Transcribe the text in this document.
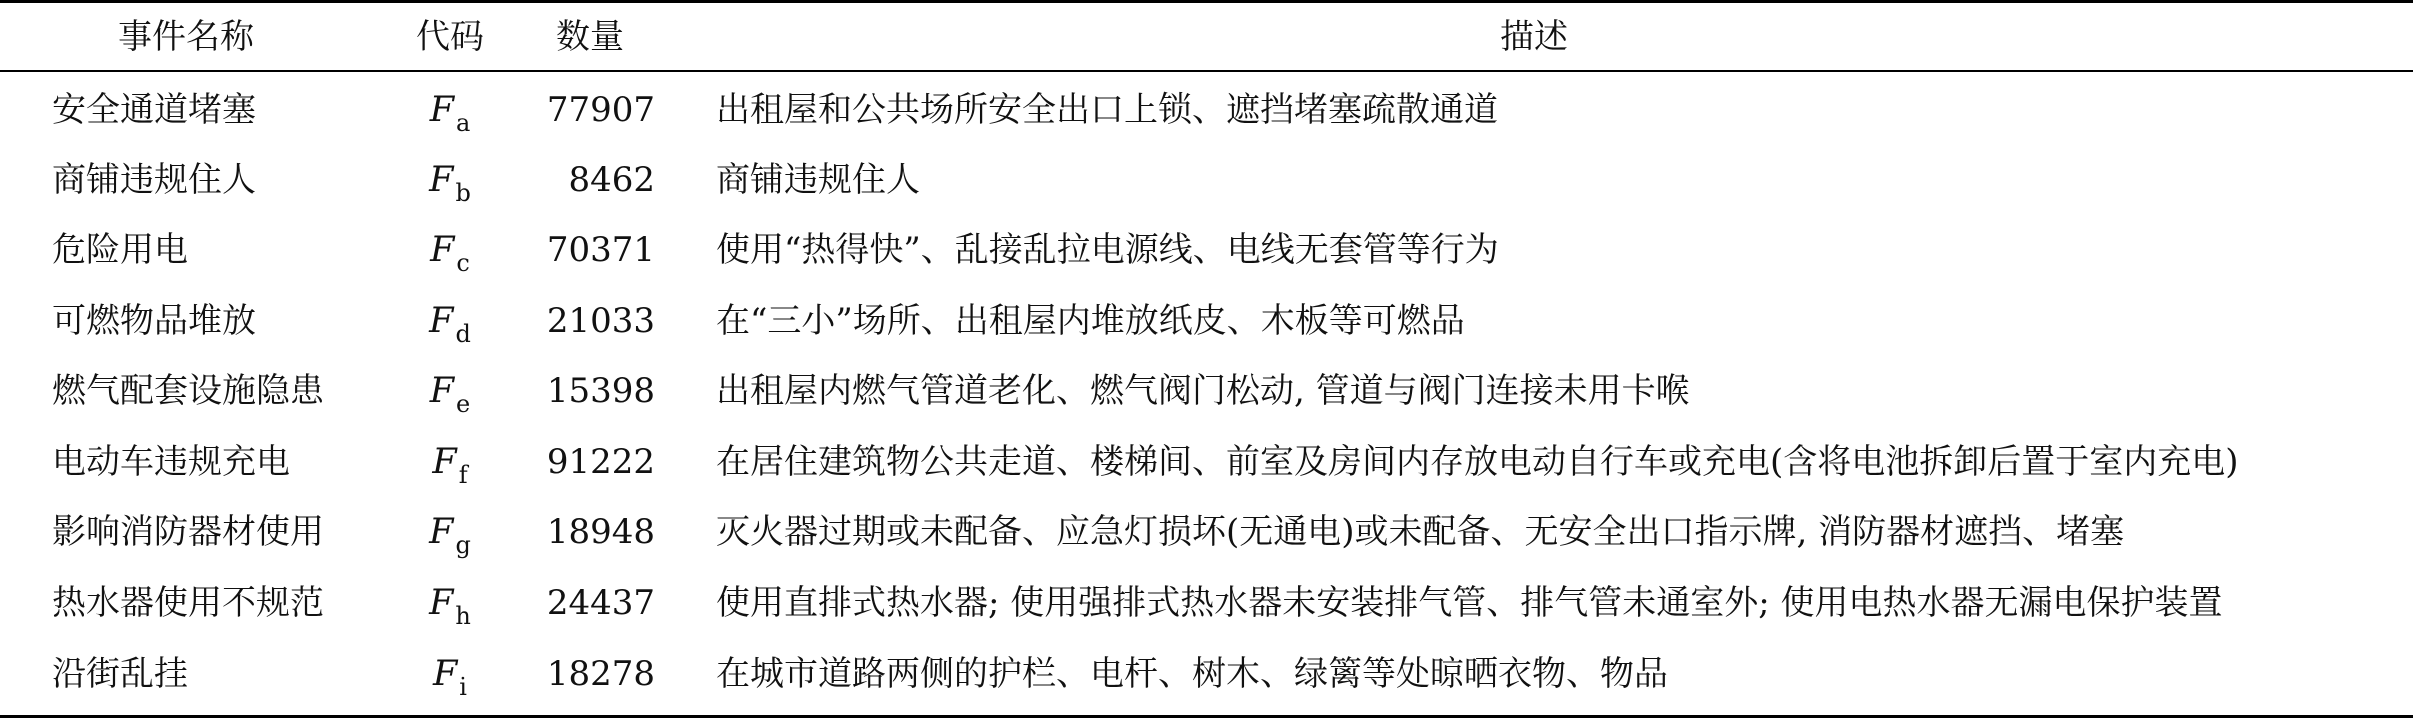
事件名称	代码	数量	描述
安全通道堵塞	$F_a$	77907 出租屋和公共场所安全出口上锁、遮挡堵塞疏散通道
商铺违规住人	$F_b$	8462 商铺违规住人
危险用电	$F_c$	70371 使用“热得快”、乱接乱拉电源线、电线无套管等行为
可燃物品堆放	$F_d$	21033 在“三小”场所、出租屋内堆放纸皮、木板等可燃品
燃气配套设施隐患	$F_e$	15398 出租屋内燃气管道老化、燃气阀门松动, 管道与阀门连接未用卡喉
电动车违规充电	$F_f$	91222 在居住建筑物公共走道、楼梯间、前室及房间内存放电动自行车或充电(含将电池拆卸后置于室内充电)
影响消防器材使用	$F_g$	18948 灭火器过期或未配备、应急灯损坏(无通电)或未配备、无安全出口指示牌, 消防器材遮挡、堵塞
热水器使用不规范	$F_h$	24437 使用直排式热水器; 使用强排式热水器未安装排气管、排气管未通室外; 使用电热水器无漏电保护装置
沿街乱挂	$F_i$	18278 在城市道路两侧的护栏、电杆、树木、绿篱等处晾晒衣物、物品
